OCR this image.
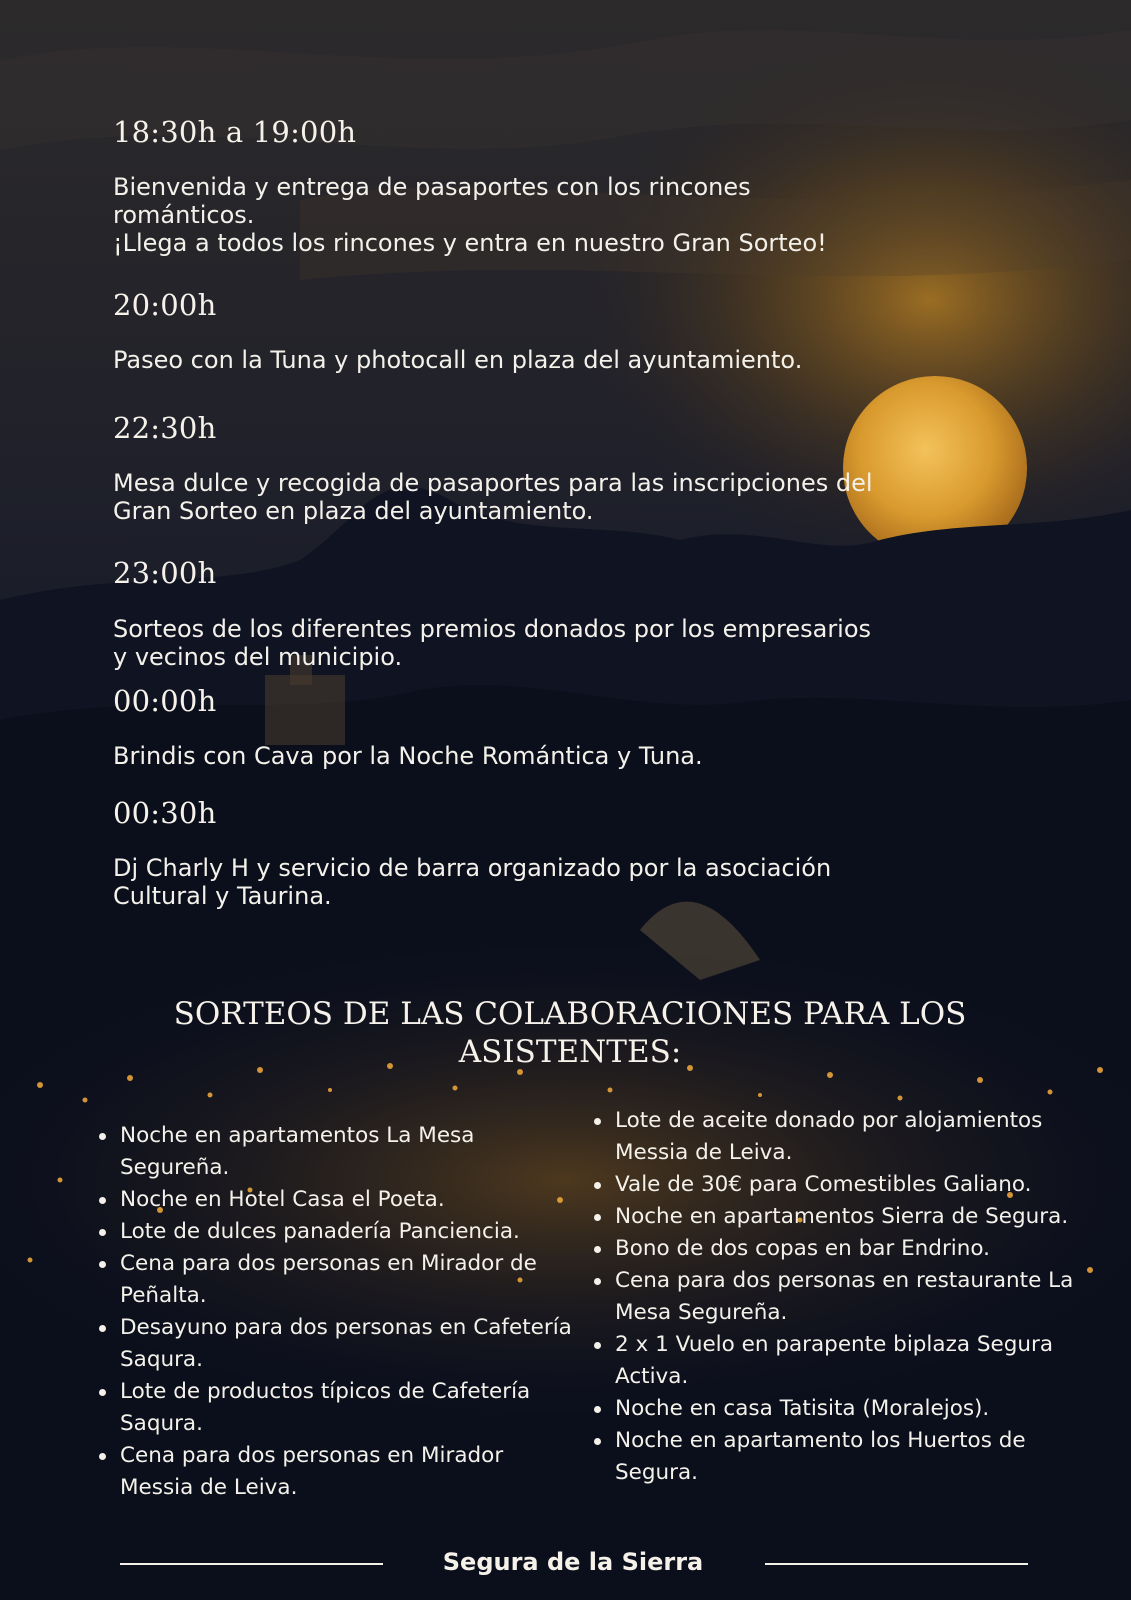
18:30h a 19:00h

Bienvenida y entrega de pasaportes con los rincones
románticos.
¡Llega a todos los rincones y entra en nuestro Gran Sorteo!

20:00h

Paseo con la Tuna y photocall en plaza del ayuntamiento.

22:30h

Mesa dulce y recogida de pasaportes para las inscripciones del
Gran Sorteo en plaza del ayuntamiento.

23:00h

Sorteos de los diferentes premios donados por los empresarios
y vecinos del municipio.

00:00h

Brindis con Cava por la Noche Romántica y Tuna.

00:30h

Dj Charly H y servicio de barra organizado por la asociación
Cultural y Taurina.

SORTEOS DE LAS COLABORACIONES PARA LOS ASISTENTES:
Noche en apartamentos La Mesa Segureña.
Noche en Hotel Casa el Poeta.
Lote de dulces panadería Panciencia.
Cena para dos personas en Mirador de Peñalta.
Desayuno para dos personas en Cafetería Saqura.
Lote de productos típicos de Cafetería Saqura.
Cena para dos personas en Mirador Messia de Leiva.
Lote de aceite donado por alojamientos Messia de Leiva.
Vale de 30€ para Comestibles Galiano.
Noche en apartamentos Sierra de Segura.
Bono de dos copas en bar Endrino.
Cena para dos personas en restaurante La Mesa Segureña.
2 x 1 Vuelo en parapente biplaza Segura Activa.
Noche en casa Tatisita (Moralejos).
Noche en apartamento los Huertos de Segura.
Segura de la Sierra
